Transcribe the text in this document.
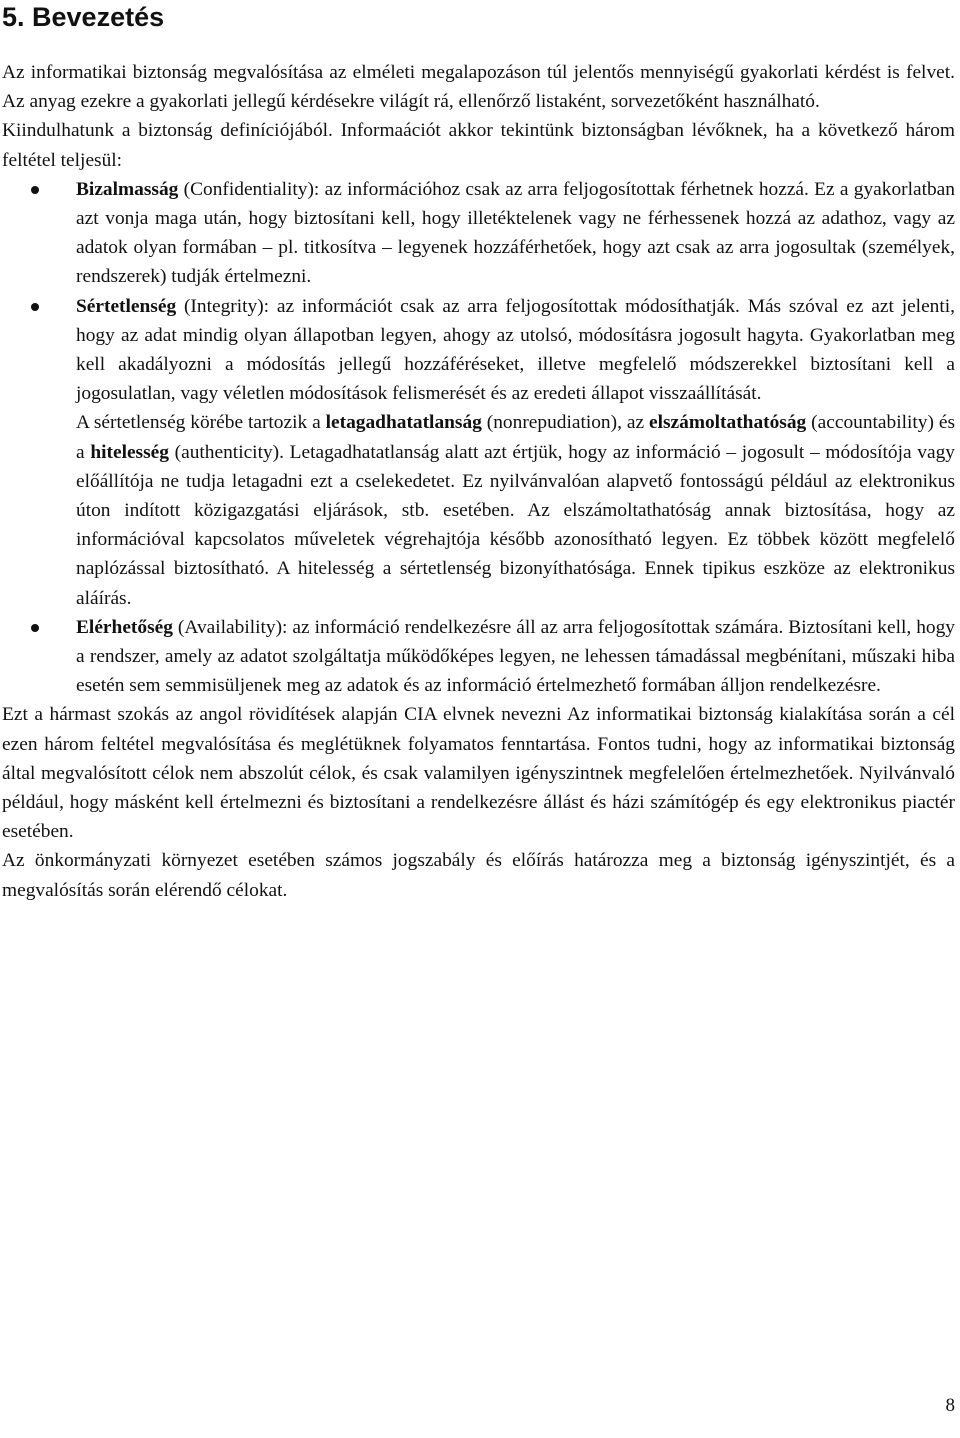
5. Bevezetés

Az informatikai biztonság megvalósítása az elméleti megalapozáson túl jelentős mennyiségű gyakorlati kérdést is felvet. Az anyag ezekre a gyakorlati jellegű kérdésekre világít rá, ellenőrző listaként, sorvezetőként használható.

Kiindulhatunk a biztonság definíciójából. Informaációt akkor tekintünk biztonságban lévőknek, ha a következő három feltétel teljesül:

Bizalmasság (Confidentiality): az információhoz csak az arra feljogosítottak férhetnek hozzá. Ez a gyakorlatban azt vonja maga után, hogy biztosítani kell, hogy illetéktelenek vagy ne férhessenek hozzá az adathoz, vagy az adatok olyan formában – pl. titkosítva – legyenek hozzáférhetőek, hogy azt csak az arra jogosultak (személyek, rendszerek) tudják értelmezni.

Sértetlenség (Integrity): az információt csak az arra feljogosítottak módosíthatják. Más szóval ez azt jelenti, hogy az adat mindig olyan állapotban legyen, ahogy az utolsó, módosításra jogosult hagyta. Gyakorlatban meg kell akadályozni a módosítás jellegű hozzáféréseket, illetve megfelelő módszerekkel biztosítani kell a jogosulatlan, vagy véletlen módosítások felismerését és az eredeti állapot visszaállítását.

A sértetlenség körébe tartozik a letagadhatatlanság (nonrepudiation), az elszámoltathatóság (accountability) és a hitelesség (authenticity). Letagadhatatlanság alatt azt értjük, hogy az információ – jogosult – módosítója vagy előállítója ne tudja letagadni ezt a cselekedetet. Ez nyilvánvalóan alapvető fontosságú például az elektronikus úton indított közigazgatási eljárások, stb. esetében. Az elszámoltathatóság annak biztosítása, hogy az információval kapcsolatos műveletek végrehajtója később azonosítható legyen. Ez többek között megfelelő naplózással biztosítható. A hitelesség a sértetlenség bizonyíthatósága. Ennek tipikus eszköze az elektronikus aláírás.

Elérhetőség (Availability): az információ rendelkezésre áll az arra feljogosítottak számára. Biztosítani kell, hogy a rendszer, amely az adatot szolgáltatja működőképes legyen, ne lehessen támadással megbénítani, műszaki hiba esetén sem semmisüljenek meg az adatok és az információ értelmezhető formában álljon rendelkezésre.

Ezt a hármast szokás az angol rövidítések alapján CIA elvnek nevezni Az informatikai biztonság kialakítása során a cél ezen három feltétel megvalósítása és meglétüknek folyamatos fenntartása. Fontos tudni, hogy az informatikai biztonság által megvalósított célok nem abszolút célok, és csak valamilyen igényszintnek megfelelően értelmezhetőek. Nyilvánvaló például, hogy másként kell értelmezni és biztosítani a rendelkezésre állást és házi számítógép és egy elektronikus piactér esetében.

Az önkormányzati környezet esetében számos jogszabály és előírás határozza meg a biztonság igényszintjét, és a megvalósítás során elérendő célokat.

8
